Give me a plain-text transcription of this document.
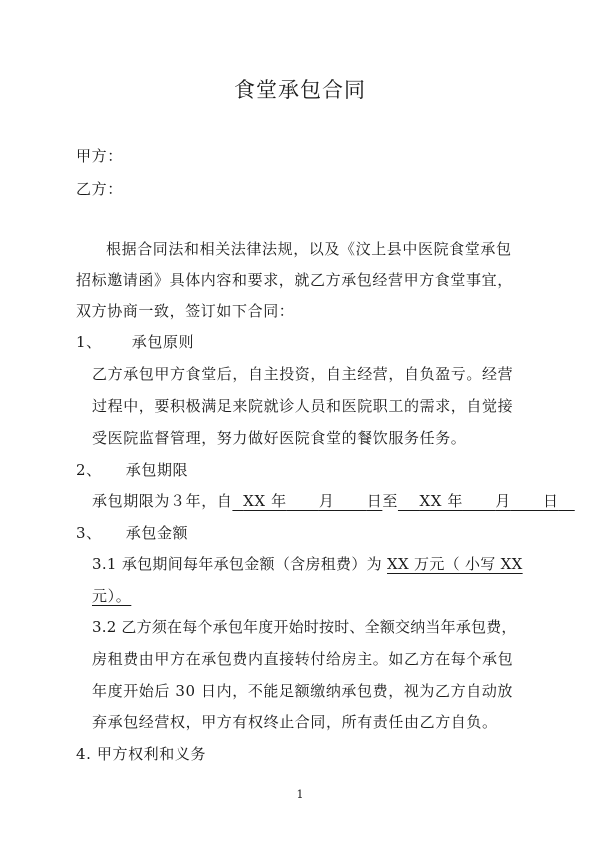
食堂承包合同
甲方：
乙方：
根据合同法和相关法律法规，以及《汶上县中医院食堂承包
招标邀请函》具体内容和要求，就乙方承包经营甲方食堂事宜，
双方协商一致，签订如下合同：
1、 承包原则
乙方承包甲方食堂后，自主投资，自主经营，自负盈亏。经营
过程中，要积极满足来院就诊人员和医院职工的需求，自觉接
受医院监督管理，努力做好医院食堂的餐饮服务任务。
2、 承包期限
承包期限为３年，自 XX 年 月 日至 XX 年 月 日
3、 承包金额
3.1 承包期间每年承包金额（含房租费）为 XX 万元（ 小写 XX
元）。
3.2 乙方须在每个承包年度开始时按时、全额交纳当年承包费，
房租费由甲方在承包费内直接转付给房主。如乙方在每个承包
年度开始后 30 日内，不能足额缴纳承包费，视为乙方自动放
弃承包经营权，甲方有权终止合同，所有责任由乙方自负。
4. 甲方权利和义务
1
